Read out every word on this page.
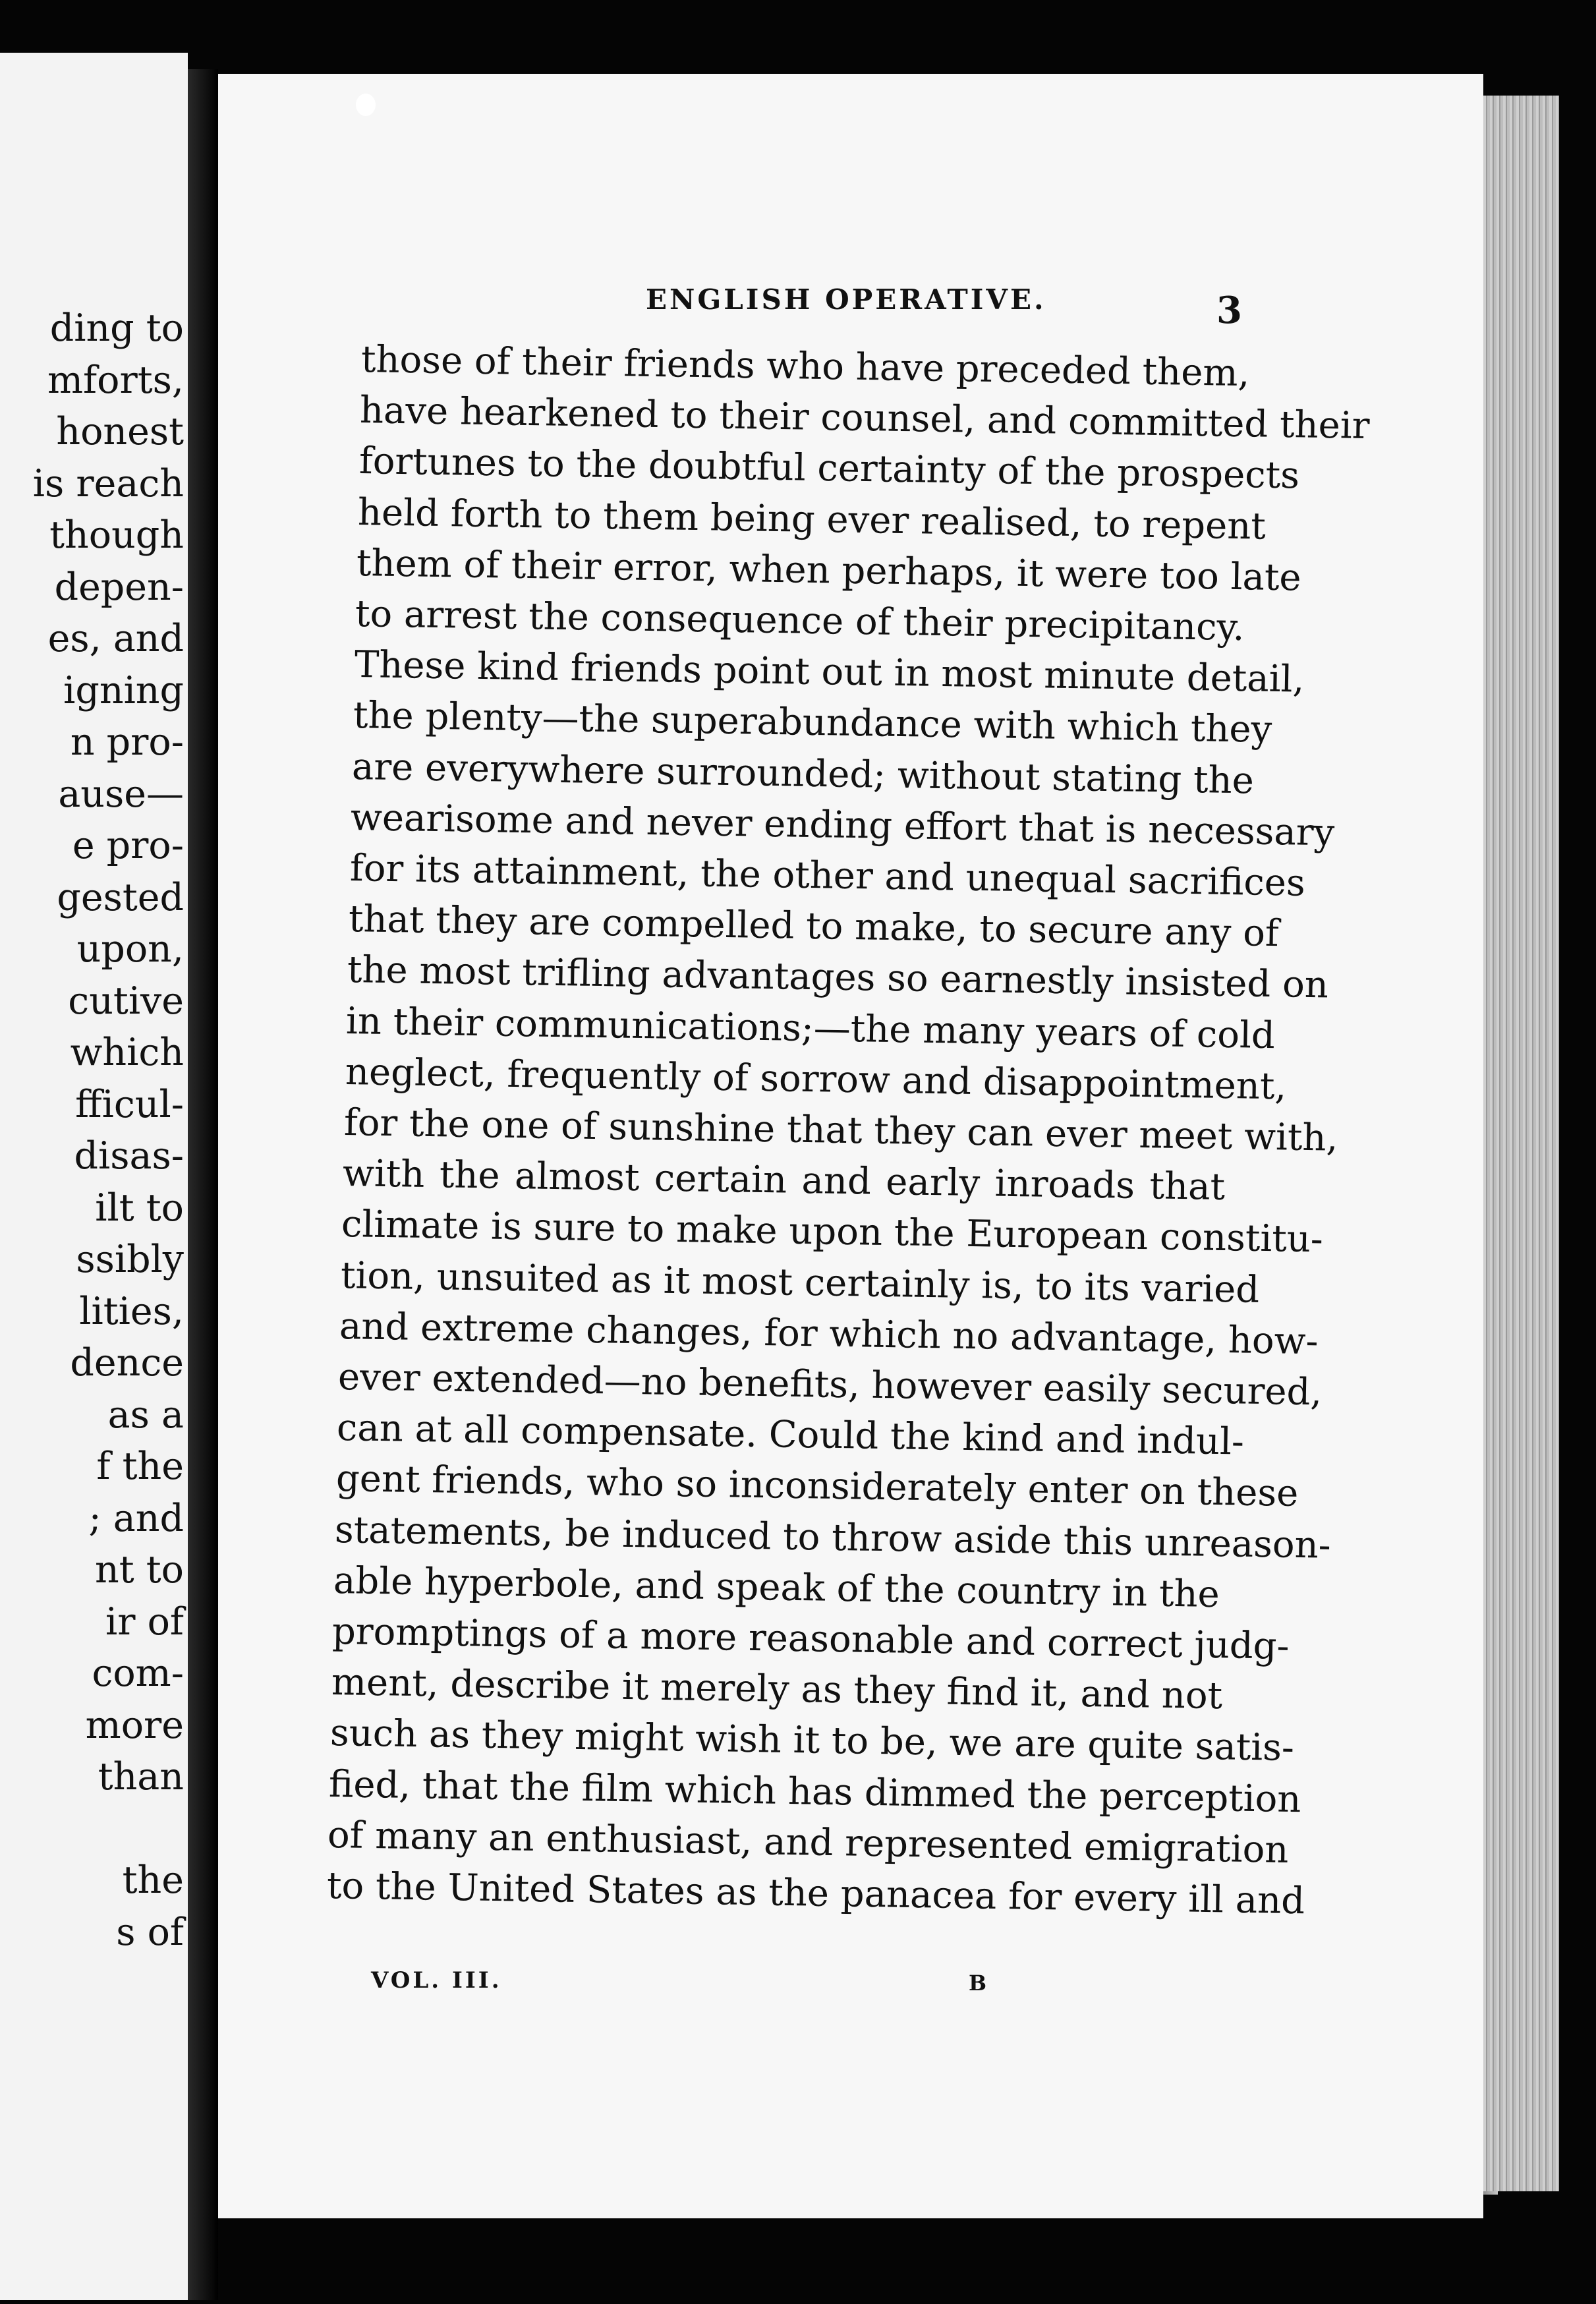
ding to
mforts,
honest
is reach
though
depen-
es, and
igning
n pro-
ause—
e pro-
gested
upon,
cutive
which
fficul-
disas-
ilt to
ssibly
lities,
dence
as a
f the
; and
nt to
ir of
com-
more
than
the
s of
ENGLISH OPERATIVE.	3
those of their friends who have preceded them,
have hearkened to their counsel, and committed their
fortunes to the doubtful certainty of the prospects
held forth to them being ever realised, to repent
them of their error, when perhaps, it were too late
to arrest the consequence of their precipitancy.
These kind friends point out in most minute detail,
the plenty—the superabundance with which they
are everywhere surrounded; without stating the
wearisome and never ending effort that is necessary
for its attainment, the other and unequal sacrifices
that they are compelled to make, to secure any of
the most trifling advantages so earnestly insisted on
in their communications;—the many years of cold
neglect, frequently of sorrow and disappointment,
for the one of sunshine that they can ever meet with,
with the almost certain and early inroads that
climate is sure to make upon the European constitu-
tion, unsuited as it most certainly is, to its varied
and extreme changes, for which no advantage, how-
ever extended—no benefits, however easily secured,
can at all compensate. Could the kind and indul-
gent friends, who so inconsiderately enter on these
statements, be induced to throw aside this unreason-
able hyperbole, and speak of the country in the
promptings of a more reasonable and correct judg-
ment, describe it merely as they find it, and not
such as they might wish it to be, we are quite satis-
fied, that the film which has dimmed the perception
of many an enthusiast, and represented emigration
to the United States as the panacea for every ill and
VOL. III.	B
